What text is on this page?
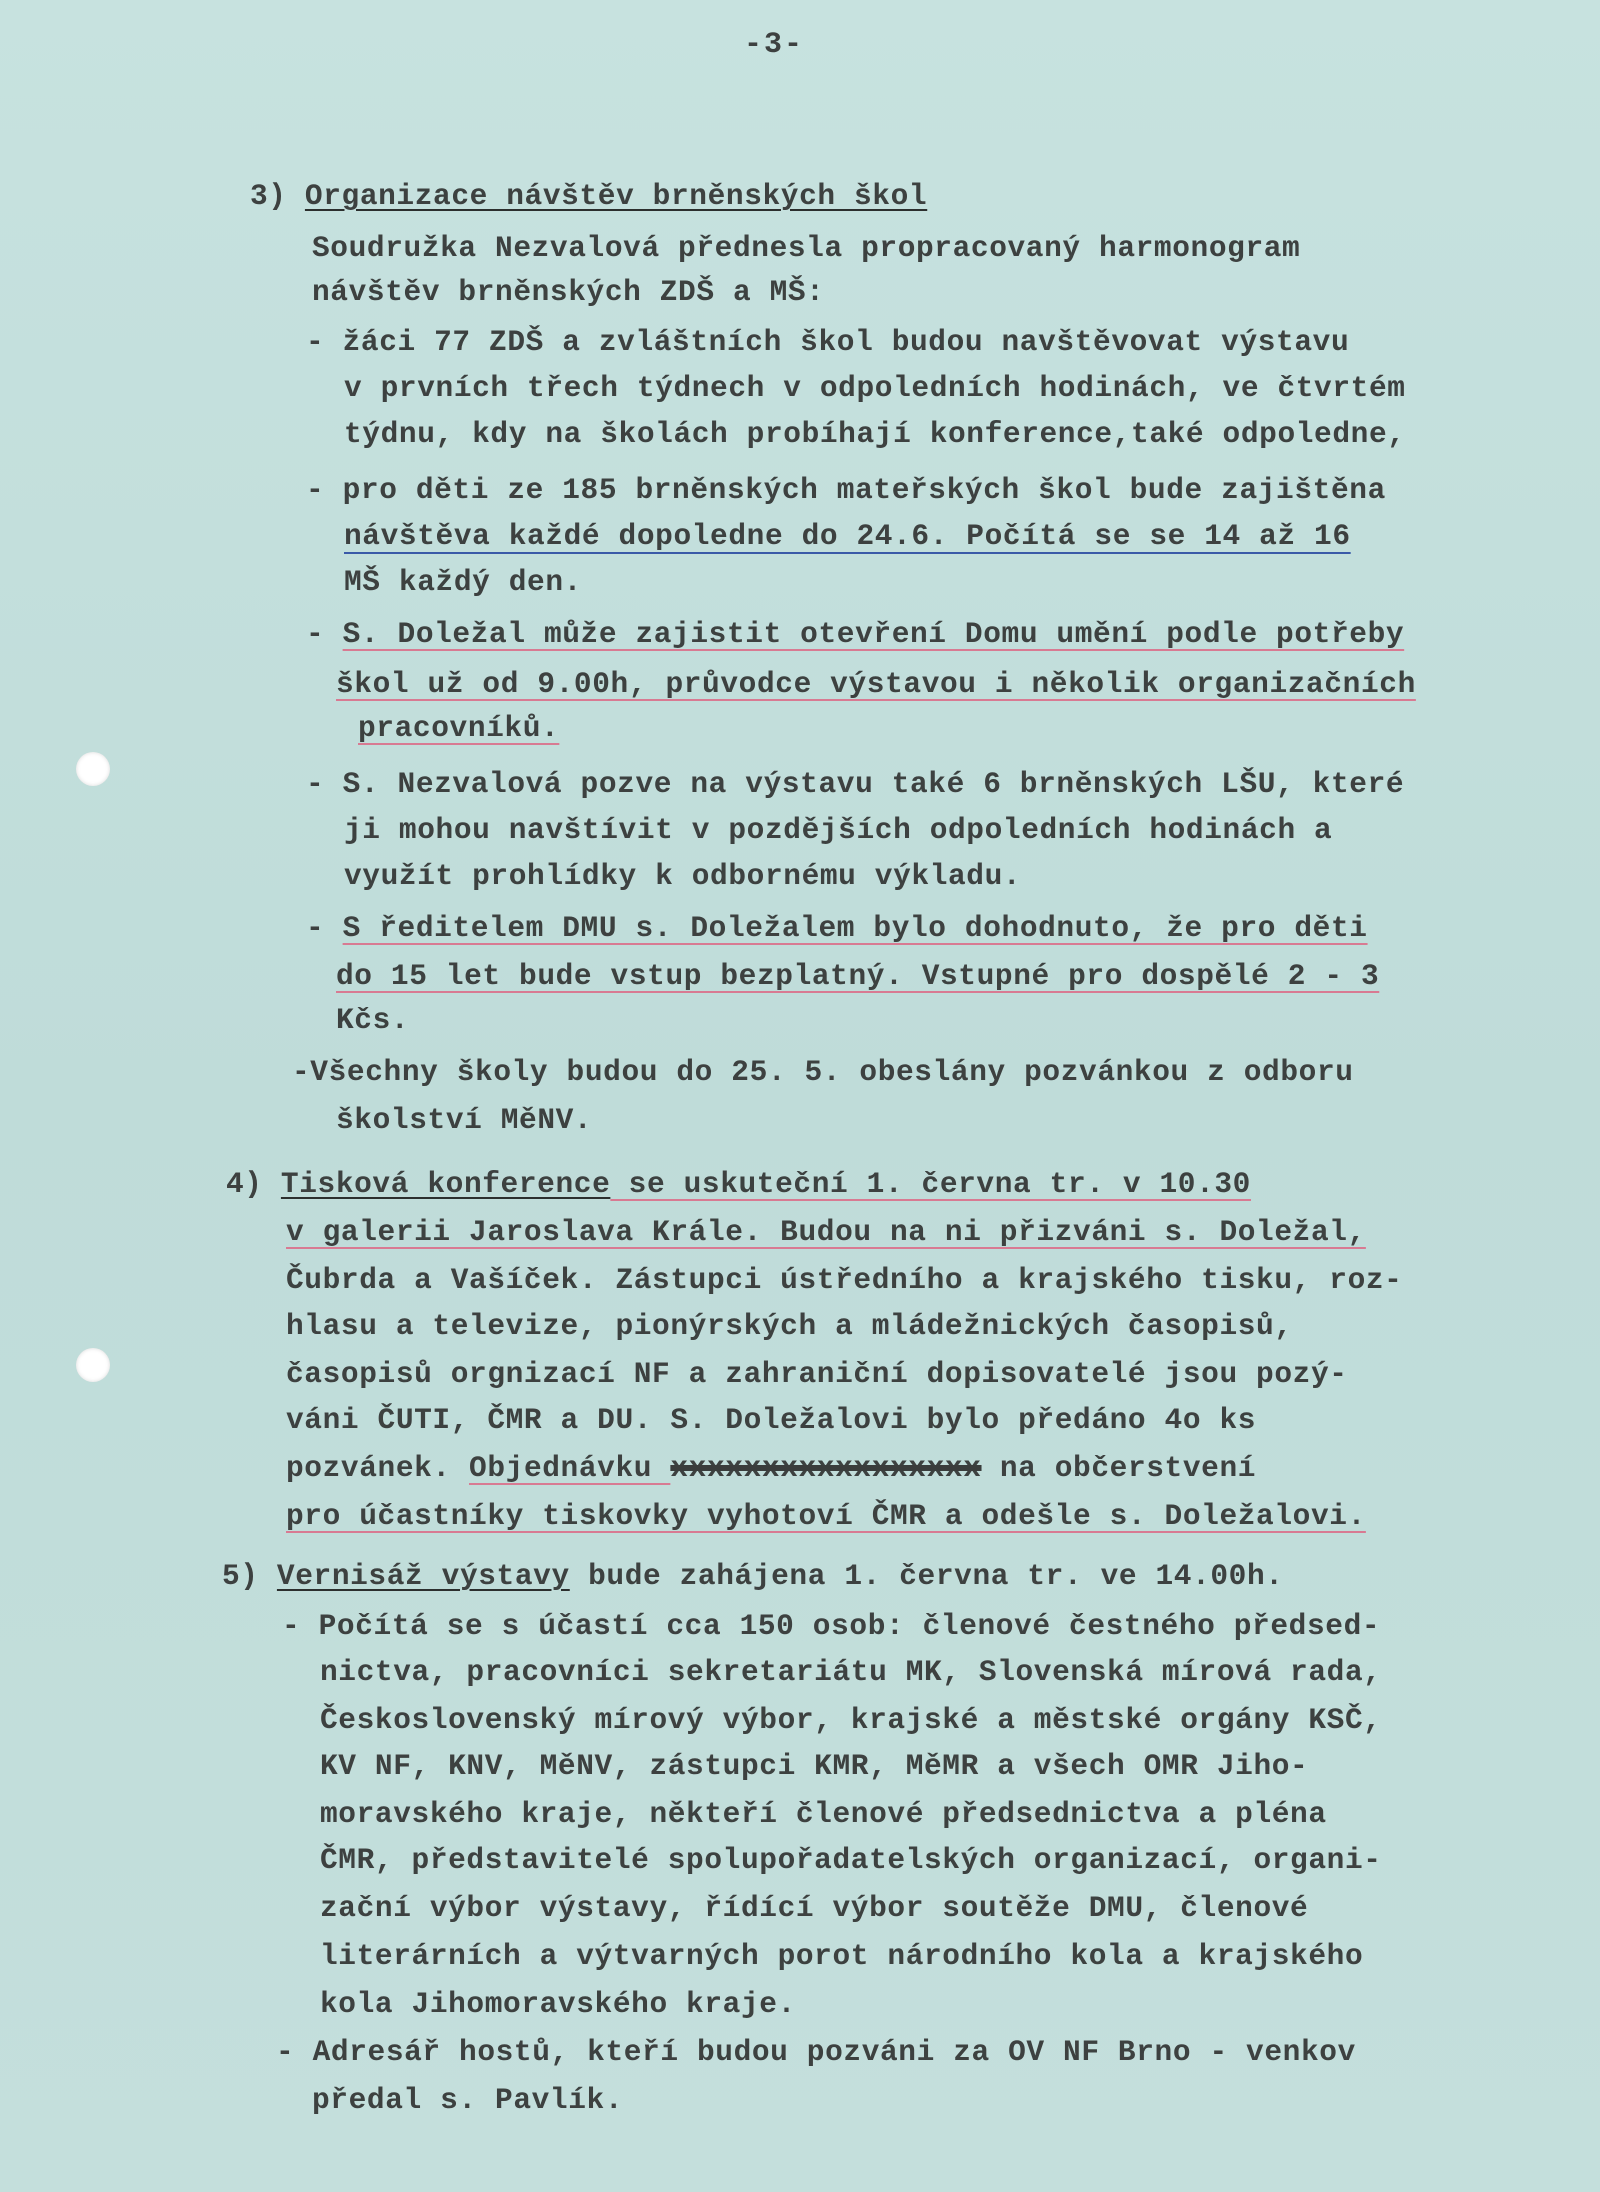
-3-
3) Organizace návštěv brněnských škol
Soudružka Nezvalová přednesla propracovaný harmonogram
návštěv brněnských ZDŠ a MŠ:
- žáci 77 ZDŠ a zvláštních škol budou navštěvovat výstavu
v prvních třech týdnech v odpoledních hodinách, ve čtvrtém
týdnu, kdy na školách probíhají konference,také odpoledne,
- pro děti ze 185 brněnských mateřských škol bude zajištěna
návštěva každé dopoledne do 24.6. Počítá se se 14 až 16
MŠ každý den.
- S. Doležal může zajistit otevření Domu umění podle potřeby
škol už od 9.00h, průvodce výstavou i několik organizačních
pracovníků.
- S. Nezvalová pozve na výstavu také 6 brněnských LŠU, které
ji mohou navštívit v pozdějších odpoledních hodinách a
využít prohlídky k odbornému výkladu.
- S ředitelem DMU s. Doležalem bylo dohodnuto, že pro děti
do 15 let bude vstup bezplatný. Vstupné pro dospělé 2 - 3
Kčs.
-Všechny školy budou do 25. 5. obeslány pozvánkou z odboru
školství MěNV.
4) Tisková konference se uskuteční 1. června tr. v 10.30
v galerii Jaroslava Krále. Budou na ni přizváni s. Doležal,
Čubrda a Vašíček. Zástupci ústředního a krajského tisku, roz-
hlasu a televize, pionýrských a mládežnických časopisů,
časopisů orgnizací NF a zahraniční dopisovatelé jsou pozý-
váni ČUTI, ČMR a DU. S. Doležalovi bylo předáno 4o ks
pozvánek. Objednávku xxxxxxxxxxxxxxxxx na občerstvení
pro účastníky tiskovky vyhotoví ČMR a odešle s. Doležalovi.
5) Vernisáž výstavy bude zahájena 1. června tr. ve 14.00h.
- Počítá se s účastí cca 150 osob: členové čestného předsed-
nictva, pracovníci sekretariátu MK, Slovenská mírová rada,
Československý mírový výbor, krajské a městské orgány KSČ,
KV NF, KNV, MěNV, zástupci KMR, MěMR a všech OMR Jiho-
moravského kraje, někteří členové předsednictva a pléna
ČMR, představitelé spolupořadatelských organizací, organi-
zační výbor výstavy, řídící výbor soutěže DMU, členové
literárních a výtvarných porot národního kola a krajského
kola Jihomoravského kraje.
- Adresář hostů, kteří budou pozváni za OV NF Brno - venkov
předal s. Pavlík.
